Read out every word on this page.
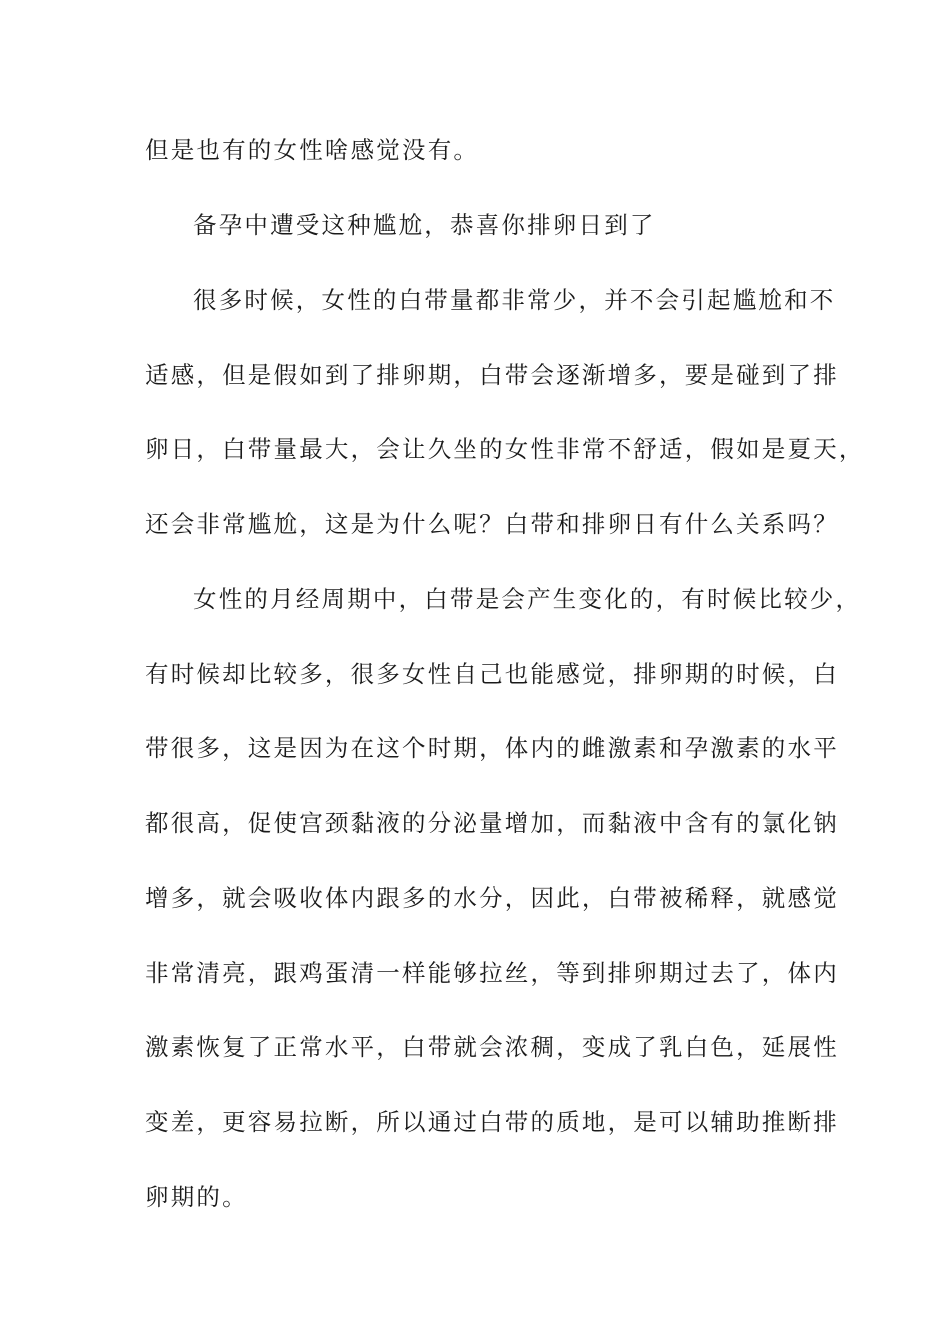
但是也有的女性啥感觉没有。

备孕中遭受这种尴尬，恭喜你排卵日到了

很多时候，女性的白带量都非常少，并不会引起尴尬和不

适感，但是假如到了排卵期，白带会逐渐增多，要是碰到了排

卵日，白带量最大，会让久坐的女性非常不舒适，假如是夏天，

还会非常尴尬，这是为什么呢？白带和排卵日有什么关系吗？

女性的月经周期中，白带是会产生变化的，有时候比较少，

有时候却比较多，很多女性自己也能感觉，排卵期的时候，白

带很多，这是因为在这个时期，体内的雌激素和孕激素的水平

都很高，促使宫颈黏液的分泌量增加，而黏液中含有的氯化钠

增多，就会吸收体内跟多的水分，因此，白带被稀释，就感觉

非常清亮，跟鸡蛋清一样能够拉丝，等到排卵期过去了，体内

激素恢复了正常水平，白带就会浓稠，变成了乳白色，延展性

变差，更容易拉断，所以通过白带的质地，是可以辅助推断排

卵期的。
